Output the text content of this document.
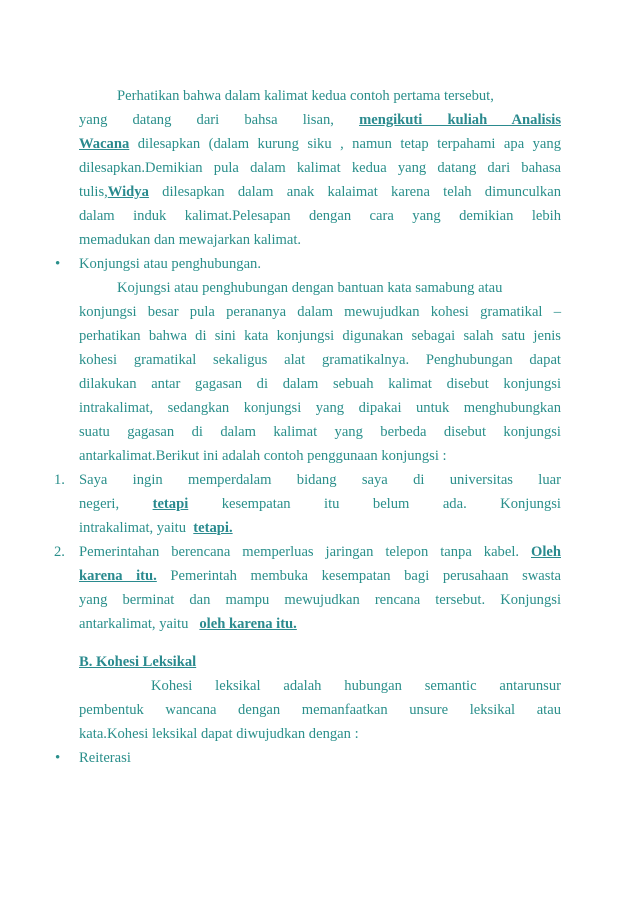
Perhatikan bahwa dalam kalimat kedua contoh pertama tersebut,
yang datang dari bahsa lisan, mengikuti kuliah Analisis
Wacana dilesapkan (dalam kurung siku , namun tetap terpahami apa yang
dilesapkan.Demikian pula dalam kalimat kedua yang datang dari bahasa
tulis,Widya dilesapkan dalam anak kalaimat karena telah dimunculkan
dalam induk kalimat.Pelesapan dengan cara yang demikian lebih
memadukan dan mewajarkan kalimat.
• Konjungsi atau penghubungan.
Kojungsi atau penghubungan dengan bantuan kata samabung atau
konjungsi besar pula perananya dalam mewujudkan kohesi gramatikal –
perhatikan bahwa di sini kata konjungsi digunakan sebagai salah satu jenis
kohesi gramatikal sekaligus alat gramatikalnya. Penghubungan dapat
dilakukan antar gagasan di dalam sebuah kalimat disebut konjungsi
intrakalimat, sedangkan konjungsi yang dipakai untuk menghubungkan
suatu gagasan di dalam kalimat yang berbeda disebut konjungsi
antarkalimat.Berikut ini adalah contoh penggunaan konjungsi :
1. Saya ingin memperdalam bidang saya di universitas luar
negeri, tetapi kesempatan itu belum ada. Konjungsi
intrakalimat, yaitu tetapi.
2. Pemerintahan berencana memperluas jaringan telepon tanpa kabel. Oleh
karena itu. Pemerintah membuka kesempatan bagi perusahaan swasta
yang berminat dan mampu mewujudkan rencana tersebut. Konjungsi
antarkalimat, yaitu oleh karena itu.
B. Kohesi Leksikal
Kohesi leksikal adalah hubungan semantic antarunsur
pembentuk wancana dengan memanfaatkan unsure leksikal atau
kata.Kohesi leksikal dapat diwujudkan dengan :
• Reiterasi
